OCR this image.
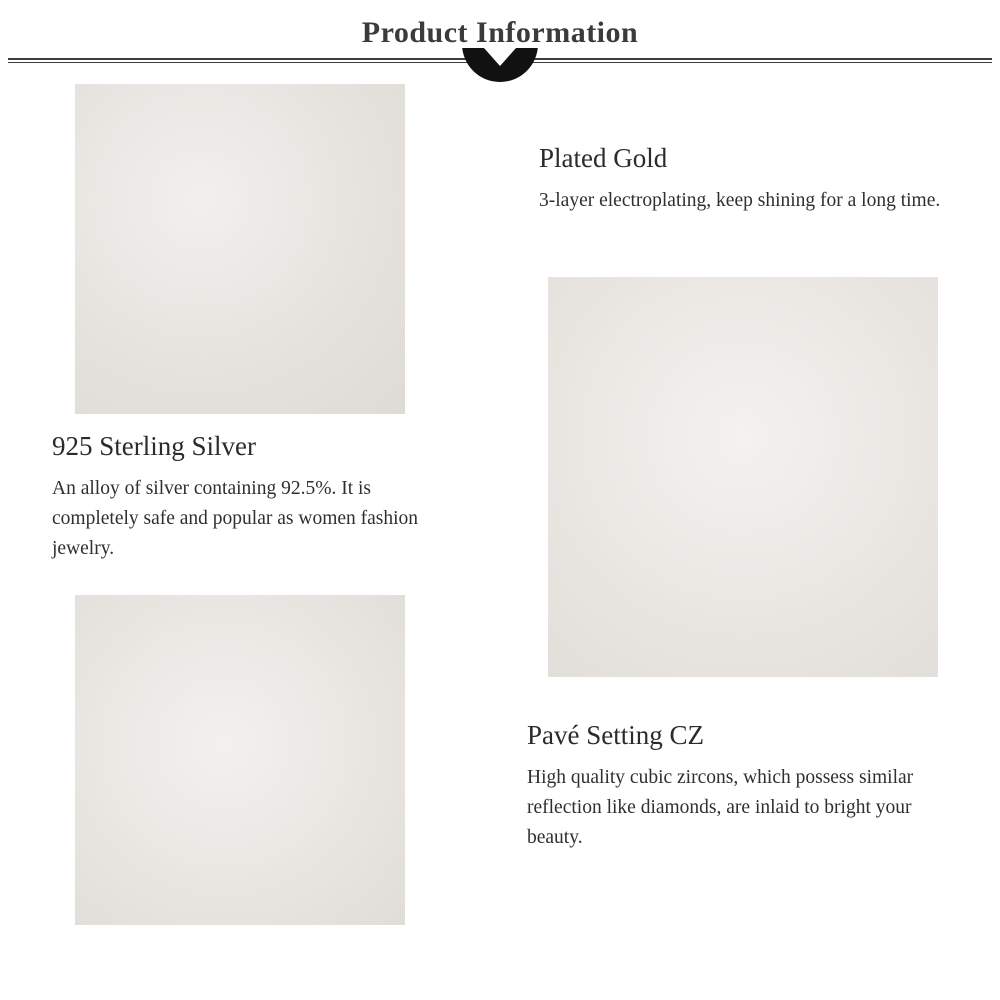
Product Information
925 Sterling Silver
An alloy of silver containing 92.5%. It is completely safe and popular as women fashion jewelry.
Plated Gold
3-layer electroplating, keep shining for a long time.
Pavé Setting CZ
High quality cubic zircons, which possess similar reflection like diamonds, are inlaid to bright your beauty.
